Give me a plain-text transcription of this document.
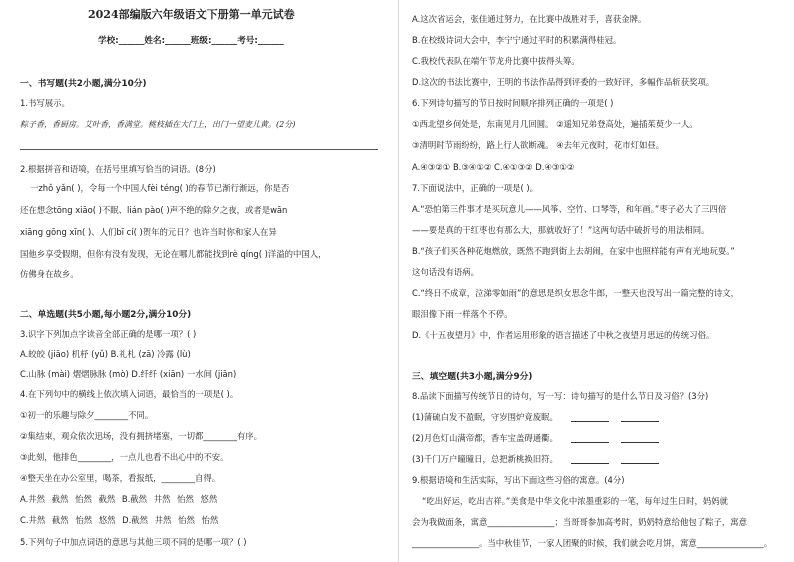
2024部编版六年级语文下册第一单元试卷
学校:______姓名:______班级:______考号:______
一、书写题(共2小题,满分10分)
1.书写展示。
粽子香，香厨房。艾叶香，香满堂。桃枝插在大门上，出门一望麦儿黄。(2分)
2.根据拼音和语境，在括号里填写恰当的词语。(8分)
一zhǒ yǎn( )，令每一个中国人fèi téng( )的春节已渐行渐远，你是否
还在想念tōng xiāo( )不眠、lián pào( )声不绝的除夕之夜，或者是wān
xiāng gōng xīn( )、人们bī cí( )贺年的元日？也许当时你和家人在异
国他乡享受假期，但你有没有发现，无论在哪儿都能找到rè qíng( )洋溢的中国人，
仿佛身在故乡。
二、单选题(共5小题,每小题2分,满分10分)
3.识字下列加点字读音全部正确的是哪一项？( )
A.皎皎 (jiāo) 机杼 (yǔ) B.礼札 (zā) 冷露 (lù)
C.山脉 (mài) 熠熠脉脉 (mò) D.纤纤 (xiān) 一水间 (jiān)
4.在下列句中的横线上依次填入词语，最恰当的一项是( )。
①初一的乐趣与除夕________不同。
②集结束，观众依次迅场，没有拥挤堵塞，一切都________有序。
③此刻，他排色________，一点儿也看不出心中的不安。
④整天坐在办公室里，喝茶，看报纸，________自得。
A.井然 截然 怡然 截然 B.截然 井然 怡然 悠然
C.井然 截然 怡然 悠然 D.截然 井然 怡然 怡然
5.下列句子中加点词语的意思与其他三项不同的是哪一项？( )
A.这次省运会，张佳通过努力，在比赛中战胜对手，喜获金牌。
B.在校级诗词大会中，李宁宁通过平时的积累满得桂冠。
C.我校代表队在端午节龙舟比赛中拔得头筹。
D.这次的书法比赛中，王明的书法作品得到评委的一致好评，多幅作品斩获奖项。
6.下列诗句描写的节日按时间顺序排列正确的一项是( )
①西北望乡何处是，东南见月几回圆。 ②遥知兄弟登高处，遍插茱萸少一人。
③清明时节雨纷纷，路上行人欲断魂。 ④去年元夜时，花市灯如昼。
A.④③②① B.③④①② C.④①③② D.④③①②
7.下面说法中，正确的一项是( )。
A.“恐怕第三件事才是买玩意儿——风筝、空竹、口琴等，和年画。”枣子必大了三四倍
——要是真的干红枣也有那么大，那就收好了！”这两句话中破折号的用法相同。
B.“孩子们买各种花炮燃放，既然不跑到街上去胡闹，在家中也照样能有声有光地玩耍。”
这句话没有语病。
C.“终日不成章，泣涕零如雨”的意思是织女思念牛郎，一整天也没写出一篇完整的诗文，
眼泪像下雨一样落个不停。
D.《十五夜望月》中，作者运用形象的语言描述了中秋之夜望月思远的传统习俗。
三、填空题(共3小题,满分9分)
8.品读下面描写传统节日的诗句，写一写：诗句描写的是什么节日及习俗？(3分)
(1)蒲硫白发不盈眠，守岁围炉竟废眠。
(2)月色灯山满帝都，香车宝盖碍通衢。
(3)千门万户曈曈日，总把新桃换旧符。
9.根据语境和生活实际，写出下面这些习俗的寓意。(4分)
“吃出好运，吃出吉祥。”美食是中华文化中浓墨重彩的一笔，每年过生日时，妈妈就
会为我做面条，寓意________________；当哥哥参加高考时，奶奶特意给他包了粽子，寓意
________________。当中秋佳节，一家人团聚的时候，我们就会吃月饼，寓意________________。
